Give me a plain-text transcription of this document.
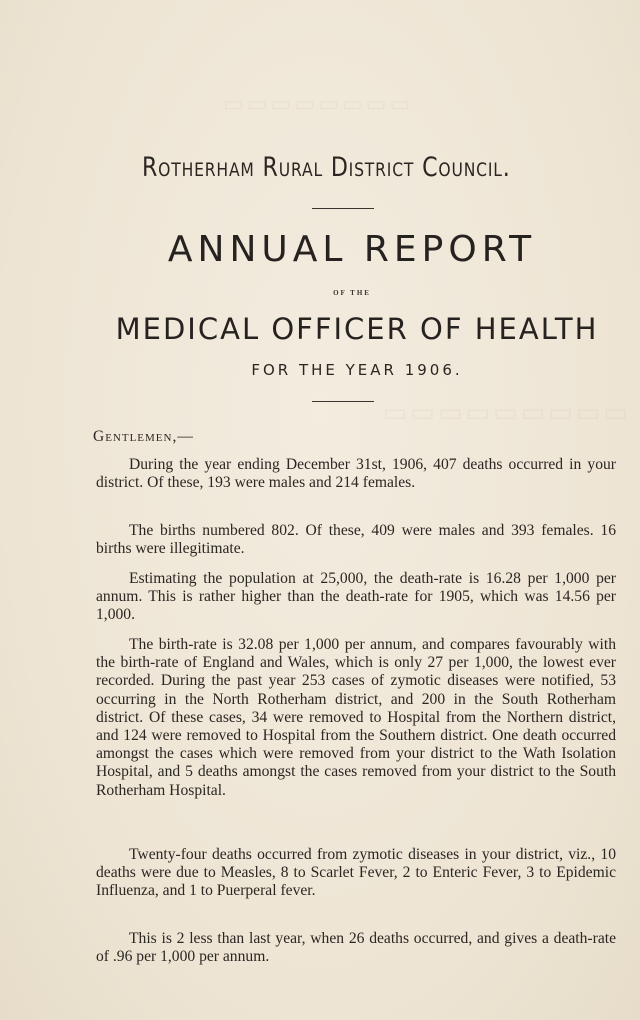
▭▭▭▭▭▭▭▭
▭▭▭▭▭▭▭▭▭
Rotherham Rural District Council.
ANNUAL REPORT
OF THE
MEDICAL OFFICER OF HEALTH
FOR THE YEAR 1906.
Gentlemen,—

During the year ending December 31st, 1906, 407 deaths occurred in your district. Of these, 193 were males and 214 females.

The births numbered 802. Of these, 409 were males and 393 females. 16 births were illegitimate.

Estimating the population at 25,000, the death-rate is 16.28 per 1,000 per annum. This is rather higher than the death-rate for 1905, which was 14.56 per 1,000.

The birth-rate is 32.08 per 1,000 per annum, and compares favourably with the birth-rate of England and Wales, which is only 27 per 1,000, the lowest ever recorded. During the past year 253 cases of zymotic diseases were notified, 53 occurring in the North Rotherham district, and 200 in the South Rotherham district. Of these cases, 34 were removed to Hospital from the Northern district, and 124 were removed to Hospital from the Southern district. One death occurred amongst the cases which were removed from your district to the Wath Isolation Hospital, and 5 deaths amongst the cases removed from your district to the South Rotherham Hospital.

Twenty-four deaths occurred from zymotic diseases in your district, viz., 10 deaths were due to Measles, 8 to Scarlet Fever, 2 to Enteric Fever, 3 to Epidemic Influenza, and 1 to Puerperal fever.

This is 2 less than last year, when 26 deaths occurred, and gives a death-rate of .96 per 1,000 per annum.
